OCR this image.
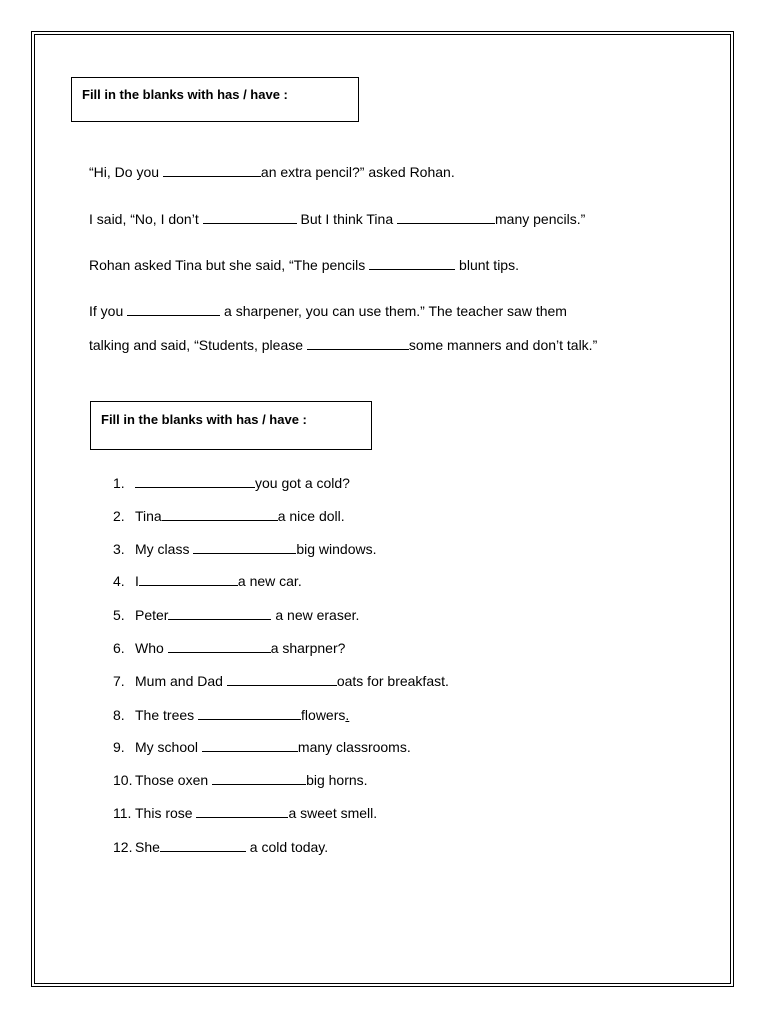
Fill in the blanks with has / have :
“Hi, Do you	an extra pencil?” asked Rohan.
I said, “No, I don’t	But I think Tina	many pencils.”
Rohan asked Tina but she said, “The pencils	blunt tips.
If you	a sharpener, you can use them.” The teacher saw them
talking and said, “Students, please	some manners and don’t talk.”
Fill in the blanks with has / have :
1.	you got a cold?
2. Tina	a nice doll.
3. My class	big windows.
4. I	a new car.
5. Peter	a new eraser.
6. Who	a sharpner?
7. Mum and Dad	oats for breakfast.
8. The trees	flowers.
9. My school	many classrooms.
10. Those oxen	big horns.
11. This rose	a sweet smell.
12. She	a cold today.
